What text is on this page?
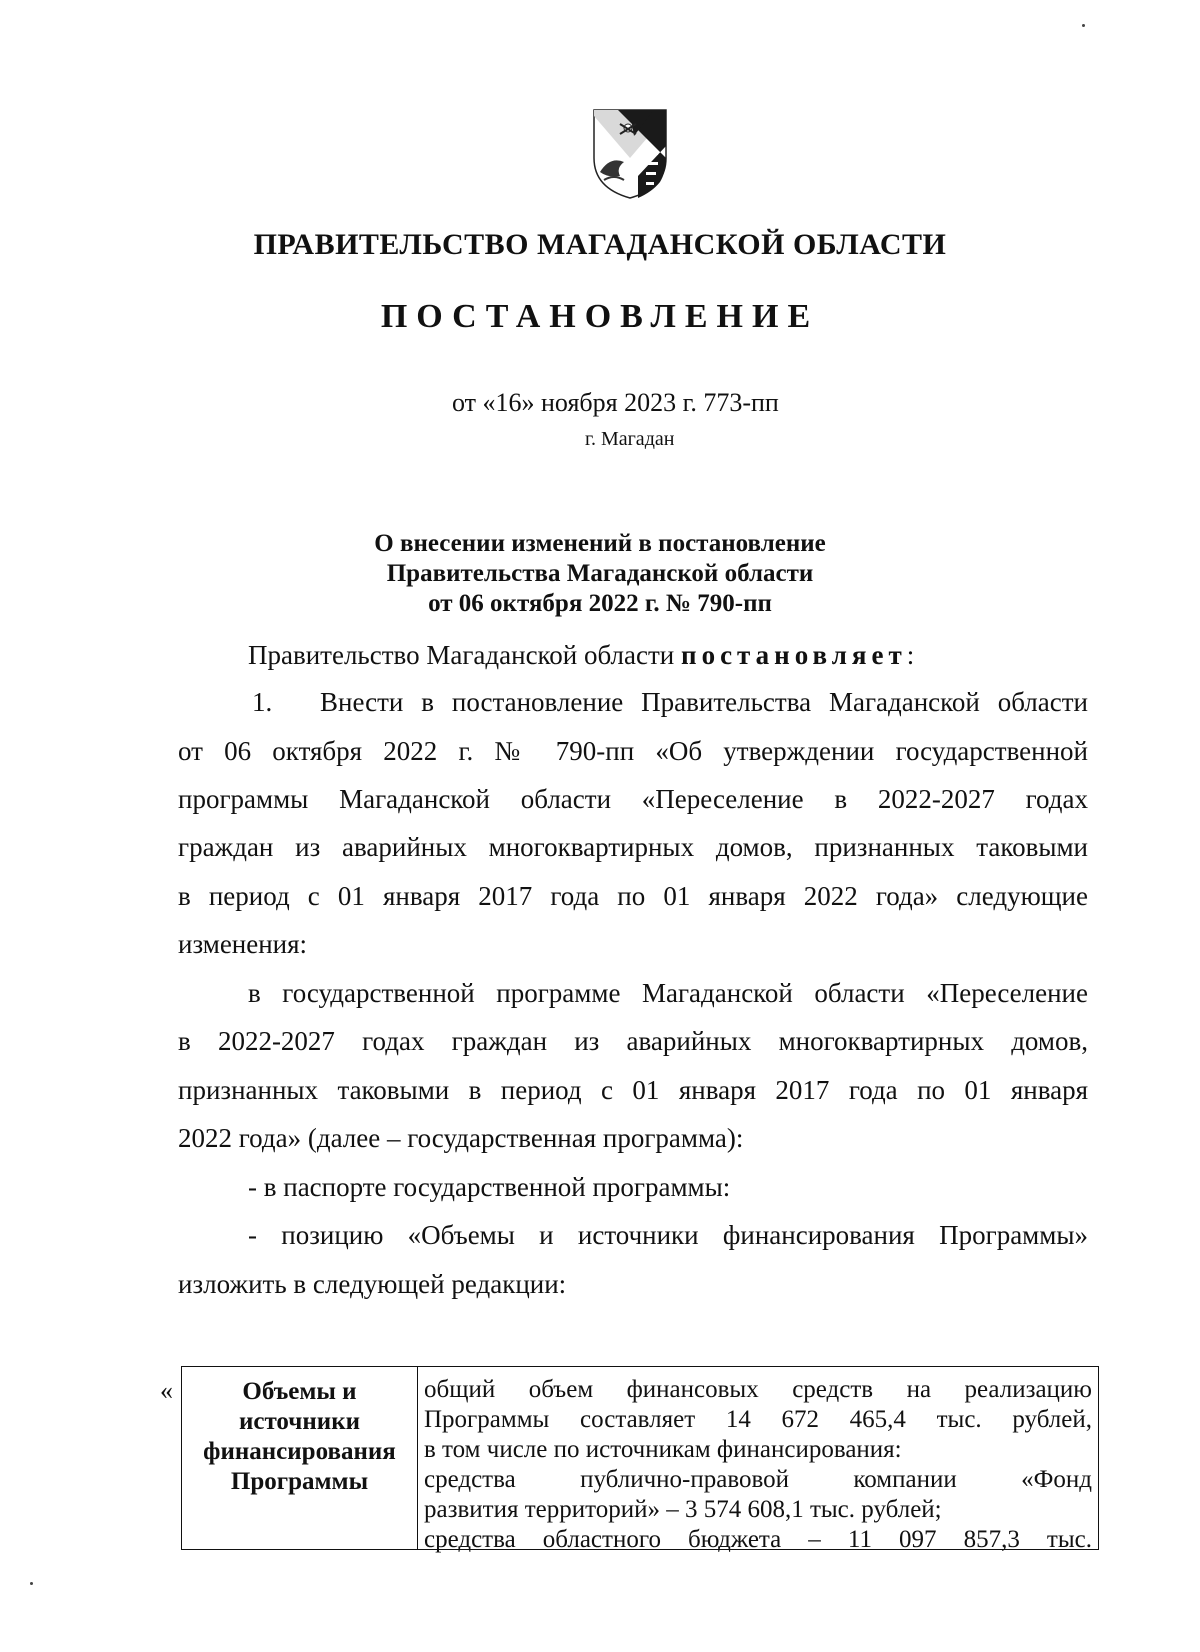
ПРАВИТЕЛЬСТВО МАГАДАНСКОЙ ОБЛАСТИ
ПОСТАНОВЛЕНИЕ
от «16» ноября 2023 г. 773-пп
г. Магадан
О внесении изменений в постановление
Правительства Магаданской области
от 06 октября 2022 г. № 790-пп
Правительство Магаданской области постановляет:
1. Внести в постановление Правительства Магаданской области
от 06 октября 2022 г. № 790-пп «Об утверждении государственной
программы Магаданской области «Переселение в 2022-2027 годах
граждан из аварийных многоквартирных домов, признанных таковыми
в период с 01 января 2017 года по 01 января 2022 года» следующие
изменения:
в государственной программе Магаданской области «Переселение
в 2022-2027 годах граждан из аварийных многоквартирных домов,
признанных таковыми в период с 01 января 2017 года по 01 января
2022 года» (далее – государственная программа):
- в паспорте государственной программы:
- позицию «Объемы и источники финансирования Программы»
изложить в следующей редакции:
«	Объемы и
источники
финансирования
Программы
общий объем финансовых средств на реализацию
Программы составляет 14 672 465,4 тыс. рублей,
в том числе по источникам финансирования:
средства публично-правовой компании «Фонд
развития территорий» – 3 574 608,1 тыс. рублей;
средства областного бюджета – 11 097 857,3 тыс.
